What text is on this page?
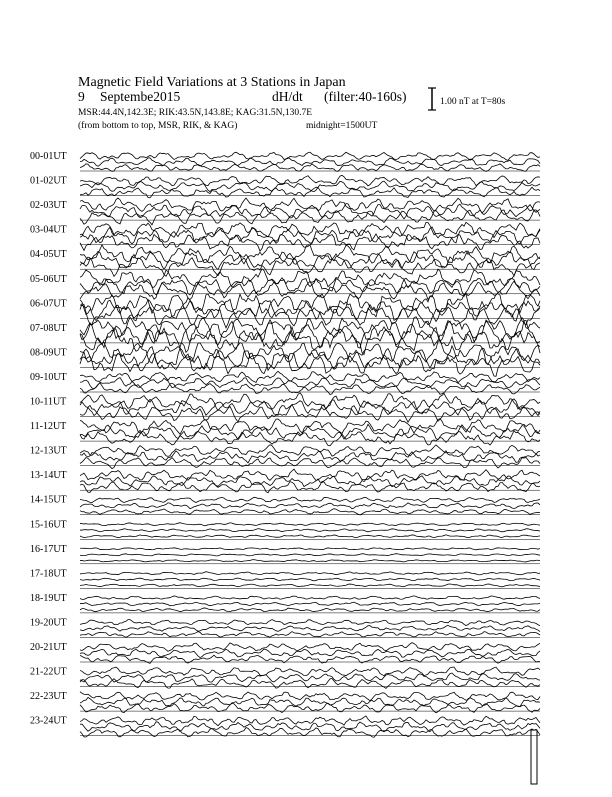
Magnetic Field Variations at 3 Stations in Japan
9 Septembe2015	dH/dt (filter:40-160s)
MSR:44.4N,142.3E; RIK:43.5N,143.8E; KAG:31.5N,130.7E
(from bottom to top, MSR, RIK, & KAG)	midnight=1500UT
1.00 nT at T=80s
00-01UT
01-02UT
02-03UT
03-04UT
04-05UT
05-06UT
06-07UT
07-08UT
08-09UT
09-10UT
10-11UT
11-12UT
12-13UT
13-14UT
14-15UT
15-16UT
16-17UT
17-18UT
18-19UT
19-20UT
20-21UT
21-22UT
22-23UT
23-24UT
